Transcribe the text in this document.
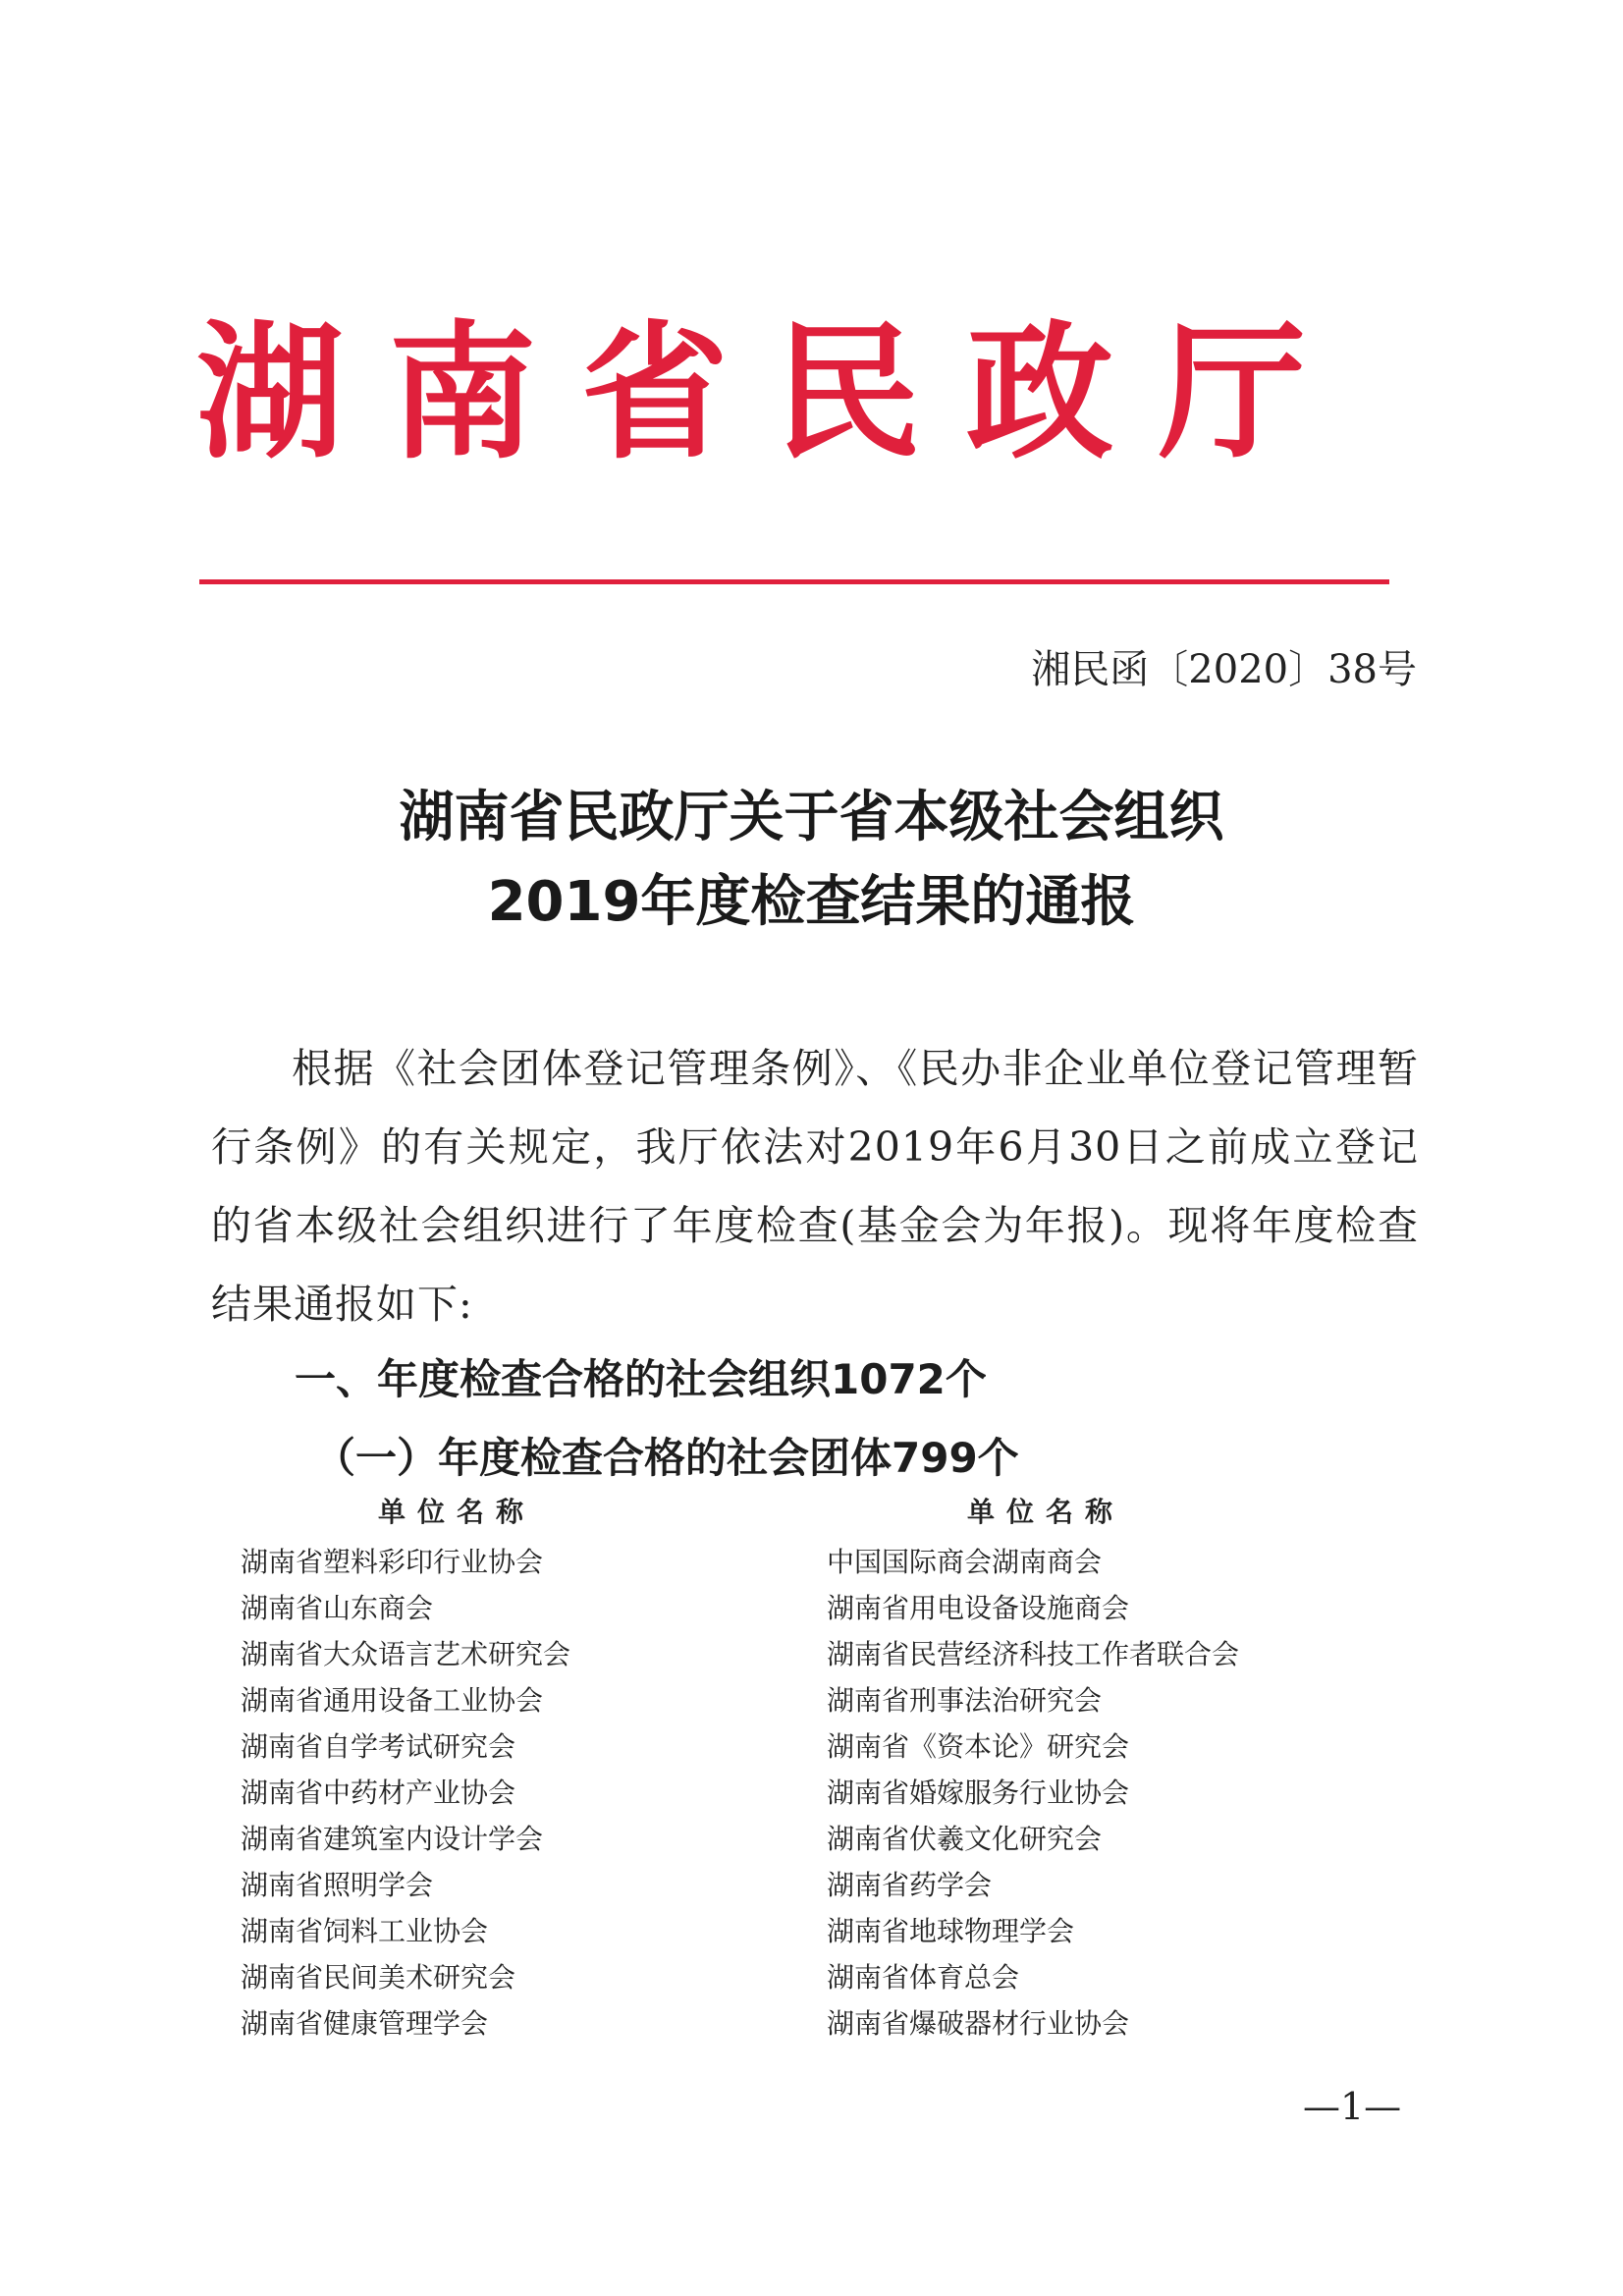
湖南省民政厅
湘民函〔2020〕38号
湖南省民政厅关于省本级社会组织
2019年度检查结果的通报

根据《社会团体登记管理条例》、《民办非企业单位登记管理暂行条例》的有关规定，我厅依法对2019年6月30日之前成立登记的省本级社会组织进行了年度检查(基金会为年报)。现将年度检查结果通报如下:

一、年度检查合格的社会组织1072个
（一）年度检查合格的社会团体799个
单位名称	单位名称
湖南省塑料彩印行业协会
湖南省山东商会
湖南省大众语言艺术研究会
湖南省通用设备工业协会
湖南省自学考试研究会
湖南省中药材产业协会
湖南省建筑室内设计学会
湖南省照明学会
湖南省饲料工业协会
湖南省民间美术研究会
湖南省健康管理学会
中国国际商会湖南商会
湖南省用电设备设施商会
湖南省民营经济科技工作者联合会
湖南省刑事法治研究会
湖南省《资本论》研究会
湖南省婚嫁服务行业协会
湖南省伏羲文化研究会
湖南省药学会
湖南省地球物理学会
湖南省体育总会
湖南省爆破器材行业协会
—1—
